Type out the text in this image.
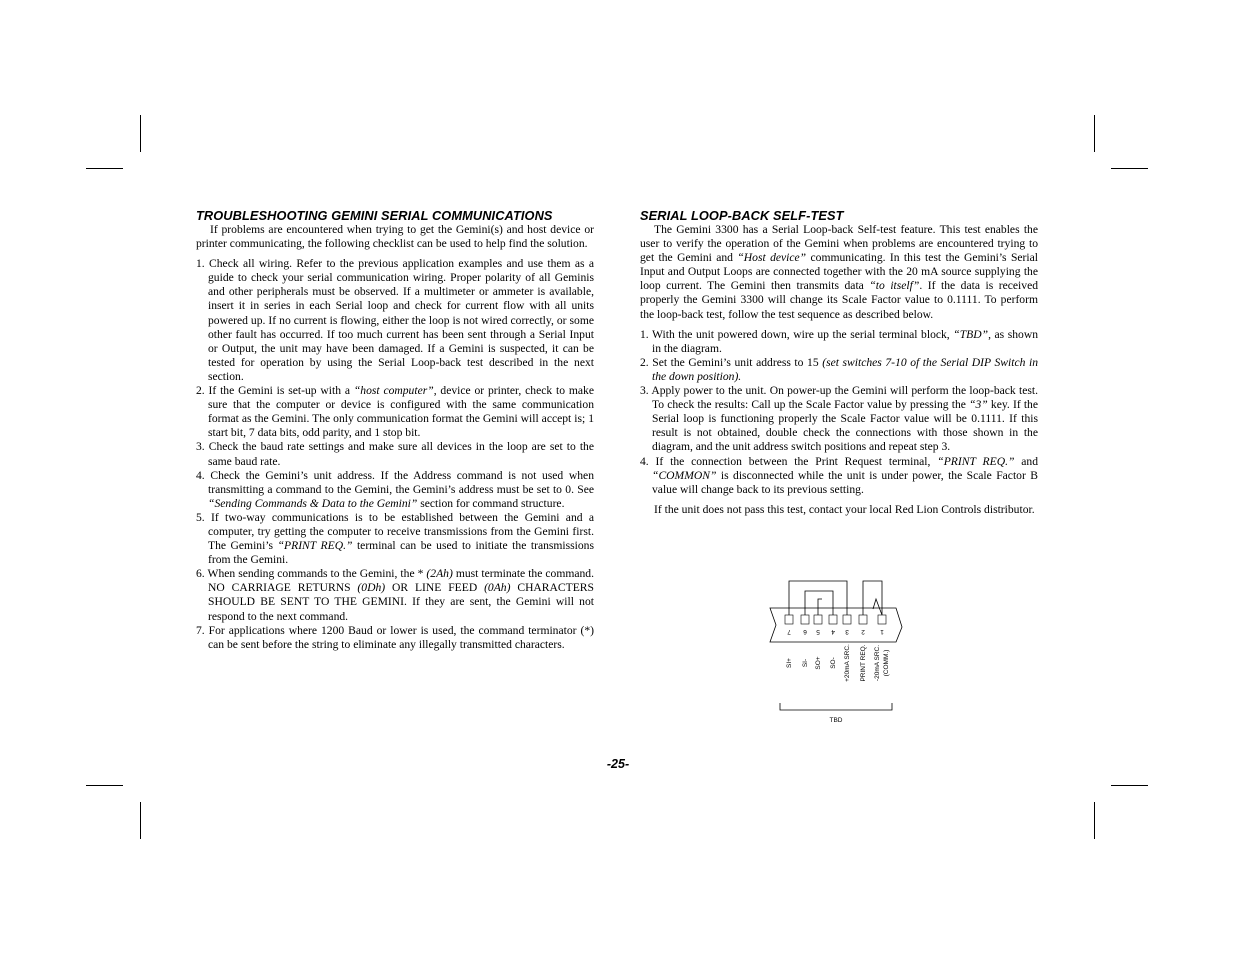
TROUBLESHOOTING GEMINI SERIAL COMMUNICATIONS

If problems are encountered when trying to get the Gemini(s) and host device or printer communicating, the following checklist can be used to help find the solution.

1. Check all wiring. Refer to the previous application examples and use them as a guide to check your serial communication wiring. Proper polarity of all Geminis and other peripherals must be observed. If a multimeter or ammeter is available, insert it in series in each Serial loop and check for current flow with all units powered up. If no current is flowing, either the loop is not wired correctly, or some other fault has occurred. If too much current has been sent through a Serial Input or Output, the unit may have been damaged. If a Gemini is suspected, it can be tested for operation by using the Serial Loop-back test described in the next section.
2. If the Gemini is set-up with a “host computer”, device or printer, check to make sure that the computer or device is configured with the same communication format as the Gemini. The only communication format the Gemini will accept is; 1 start bit, 7 data bits, odd parity, and 1 stop bit.
3. Check the baud rate settings and make sure all devices in the loop are set to the same baud rate.
4. Check the Gemini’s unit address. If the Address command is not used when transmitting a command to the Gemini, the Gemini’s address must be set to 0. See “Sending Commands & Data to the Gemini” section for command structure.
5. If two-way communications is to be established between the Gemini and a computer, try getting the computer to receive transmissions from the Gemini first. The Gemini’s “PRINT REQ.” terminal can be used to initiate the transmissions from the Gemini.
6. When sending commands to the Gemini, the * (2Ah) must terminate the command. NO CARRIAGE RETURNS (0Dh) OR LINE FEED (0Ah) CHARACTERS SHOULD BE SENT TO THE GEMINI. If they are sent, the Gemini will not respond to the next command.
7. For applications where 1200 Baud or lower is used, the command terminator (*) can be sent before the string to eliminate any illegally transmitted characters.
SERIAL LOOP-BACK SELF-TEST

The Gemini 3300 has a Serial Loop-back Self-test feature. This test enables the user to verify the operation of the Gemini when problems are encountered trying to get the Gemini and “Host device” communicating. In this test the Gemini’s Serial Input and Output Loops are connected together with the 20 mA source supplying the loop current. The Gemini then transmits data “to itself”. If the data is received properly the Gemini 3300 will change its Scale Factor value to 0.1111. To perform the loop-back test, follow the test sequence as described below.

1. With the unit powered down, wire up the serial terminal block, “TBD”, as shown in the diagram.
2. Set the Gemini’s unit address to 15 (set switches 7-10 of the Serial DIP Switch in the down position).
3. Apply power to the unit. On power-up the Gemini will perform the loop-back test. To check the results: Call up the Scale Factor value by pressing the “3” key. If the Serial loop is functioning properly the Scale Factor value will be 0.1111. If this result is not obtained, double check the connections with those shown in the diagram, and the unit address switch positions and repeat step 3.
4. If the connection between the Print Request terminal, “PRINT REQ.” and “COMMON” is disconnected while the unit is under power, the Scale Factor B value will change back to its previous setting.

If the unit does not pass this test, contact your local Red Lion Controls distributor.

7 6 5 4 3 2 1
SI+ SI- SO+ SO- +20mA SRC. PRINT REQ. -20mA SRC. (COMM.)
TBD
-25-
